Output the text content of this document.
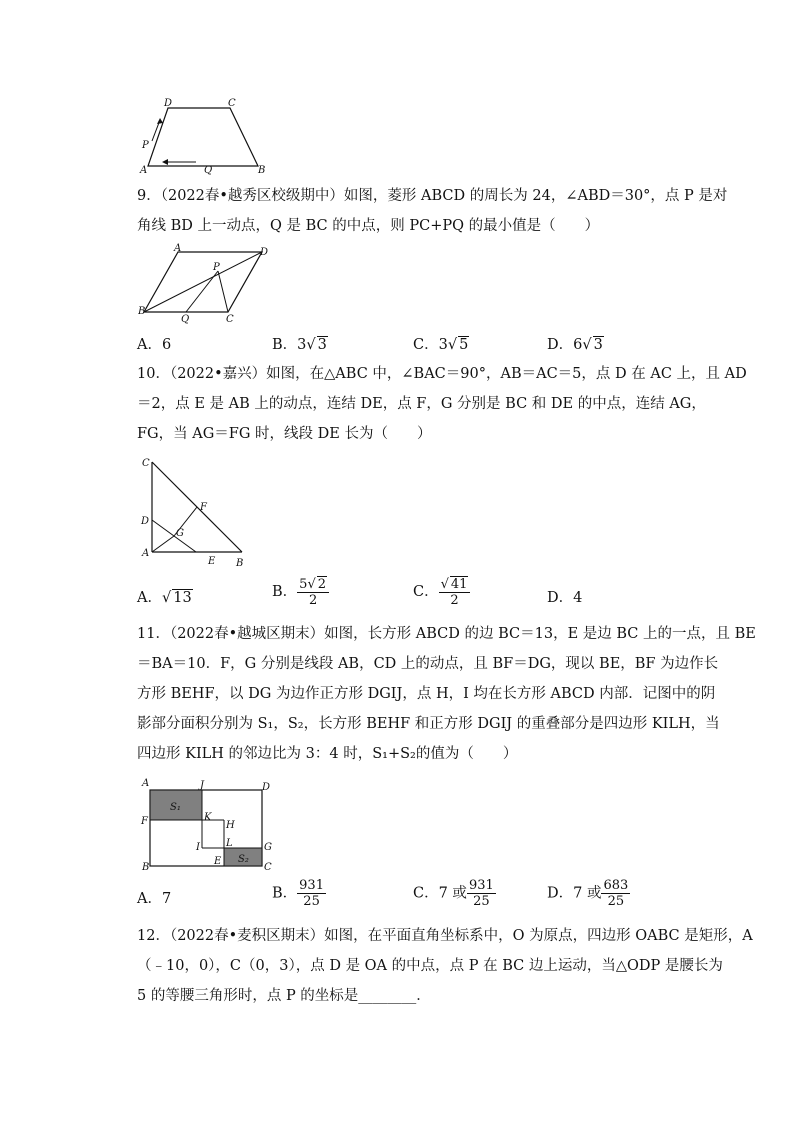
D	C
P
A	Q	B
9．（2022春•越秀区校级期中）如图，菱形 ABCD 的周长为 24，∠ABD＝30°，点 P 是对
角线 BD 上一动点，Q 是 BC 的中点，则 PC+PQ 的最小值是（　　）
A	D
P
B
Q	C
A．6	B．3√ 3	C．3√ 5	D．6√ 3
10．（2022•嘉兴）如图，在△ABC 中，∠BAC＝90°，AB＝AC＝5，点 D 在 AC 上，且 AD
＝2，点 E 是 AB 上的动点，连结 DE，点 F，G 分别是 BC 和 DE 的中点，连结 AG，
FG，当 AG＝FG 时，线段 DE 长为（　　）
C
F
D
G
A
E B
A．√ 13	B． $\frac{5√ 2}{2}$	C． $\frac{√ 41}{2}$	D．4
11．（2022春•越城区期末）如图，长方形 ABCD 的边 BC＝13，E 是边 BC 上的一点，且 BE
＝BA＝10．F，G 分别是线段 AB，CD 上的动点，且 BF＝DG，现以 BE，BF 为边作长
方形 BEHF，以 DG 为边作正方形 DGIJ，点 H，I 均在长方形 ABCD 内部．记图中的阴
影部分面积分别为 S₁，S₂，长方形 BEHF 和正方形 DGIJ 的重叠部分是四边形 KILH，当
四边形 KILH 的邻边比为 3：4 时，S₁+S₂的值为（　　）
A	J	D
F
S₁
K
H
I	L	G
B
E S₂
C
A．7	B． $\frac{931}{25}$	C．7 或 $\frac{931}{25}$	D．7 或 $\frac{683}{25}$
12．（2022春•麦积区期末）如图，在平面直角坐标系中，O 为原点，四边形 OABC 是矩形，A
（﹣10，0），C（0，3），点 D 是 OA 的中点，点 P 在 BC 边上运动，当△ODP 是腰长为
5 的等腰三角形时，点 P 的坐标是________．
